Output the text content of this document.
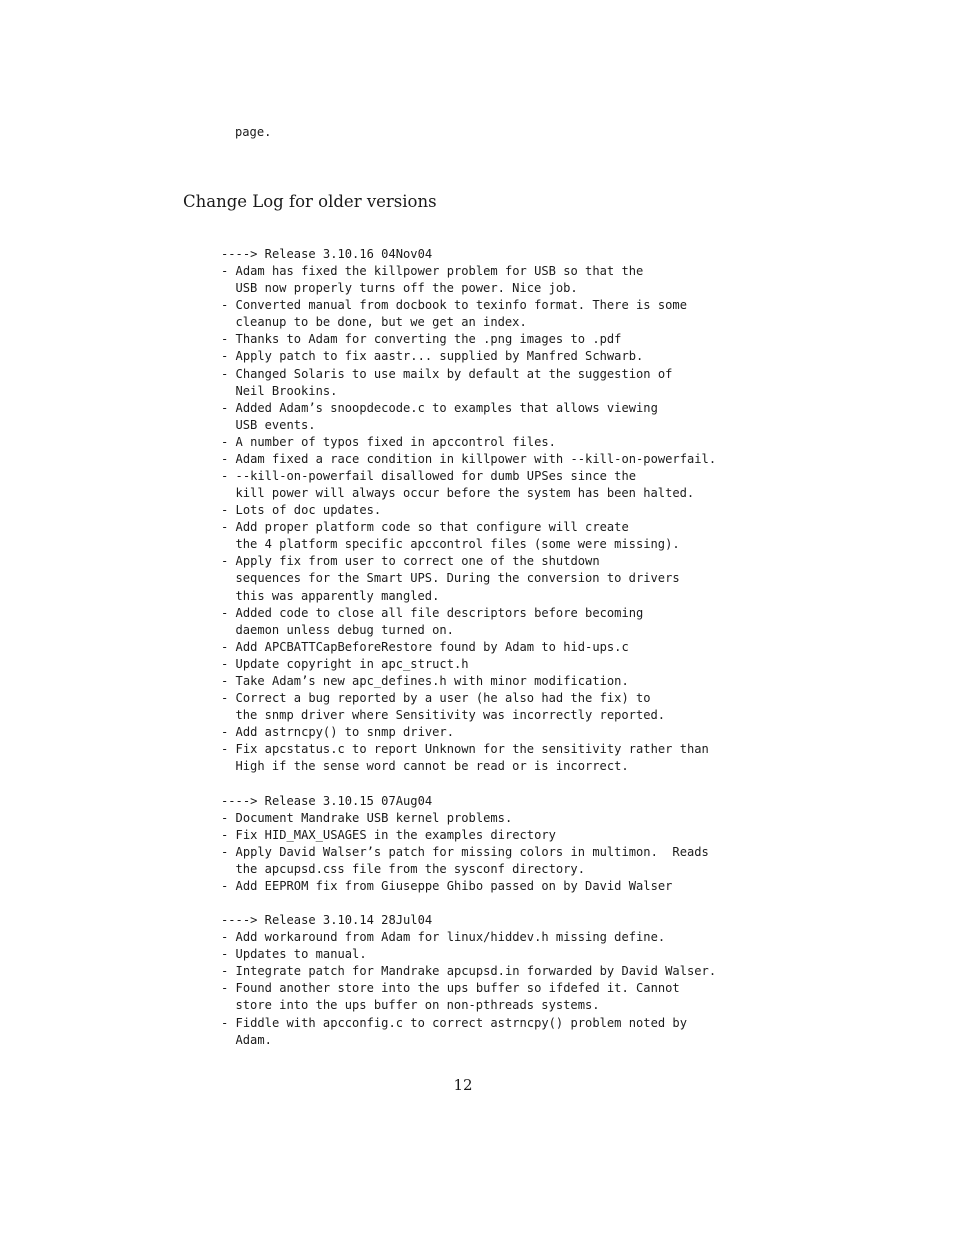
page.
Change Log for older versions
----> Release 3.10.16 04Nov04
- Adam has fixed the killpower problem for USB so that the
USB now properly turns off the power. Nice job.
- Converted manual from docbook to texinfo format. There is some
cleanup to be done, but we get an index.
- Thanks to Adam for converting the .png images to .pdf
- Apply patch to fix aastr... supplied by Manfred Schwarb.
- Changed Solaris to use mailx by default at the suggestion of
Neil Brookins.
- Added Adam’s snoopdecode.c to examples that allows viewing
USB events.
- A number of typos fixed in apccontrol files.
- Adam fixed a race condition in killpower with --kill-on-powerfail.
- --kill-on-powerfail disallowed for dumb UPSes since the
kill power will always occur before the system has been halted.
- Lots of doc updates.
- Add proper platform code so that configure will create
the 4 platform specific apccontrol files (some were missing).
- Apply fix from user to correct one of the shutdown
sequences for the Smart UPS. During the conversion to drivers
this was apparently mangled.
- Added code to close all file descriptors before becoming
daemon unless debug turned on.
- Add APCBATTCapBeforeRestore found by Adam to hid-ups.c
- Update copyright in apc_struct.h
- Take Adam’s new apc_defines.h with minor modification.
- Correct a bug reported by a user (he also had the fix) to
the snmp driver where Sensitivity was incorrectly reported.
- Add astrncpy() to snmp driver.
- Fix apcstatus.c to report Unknown for the sensitivity rather than
High if the sense word cannot be read or is incorrect.
----> Release 3.10.15 07Aug04
- Document Mandrake USB kernel problems.
- Fix HID_MAX_USAGES in the examples directory
- Apply David Walser’s patch for missing colors in multimon.  Reads
the apcupsd.css file from the sysconf directory.
- Add EEPROM fix from Giuseppe Ghibo passed on by David Walser
----> Release 3.10.14 28Jul04
- Add workaround from Adam for linux/hiddev.h missing define.
- Updates to manual.
- Integrate patch for Mandrake apcupsd.in forwarded by David Walser.
- Found another store into the ups buffer so ifdefed it. Cannot
store into the ups buffer on non-pthreads systems.
- Fiddle with apcconfig.c to correct astrncpy() problem noted by
Adam.
12
